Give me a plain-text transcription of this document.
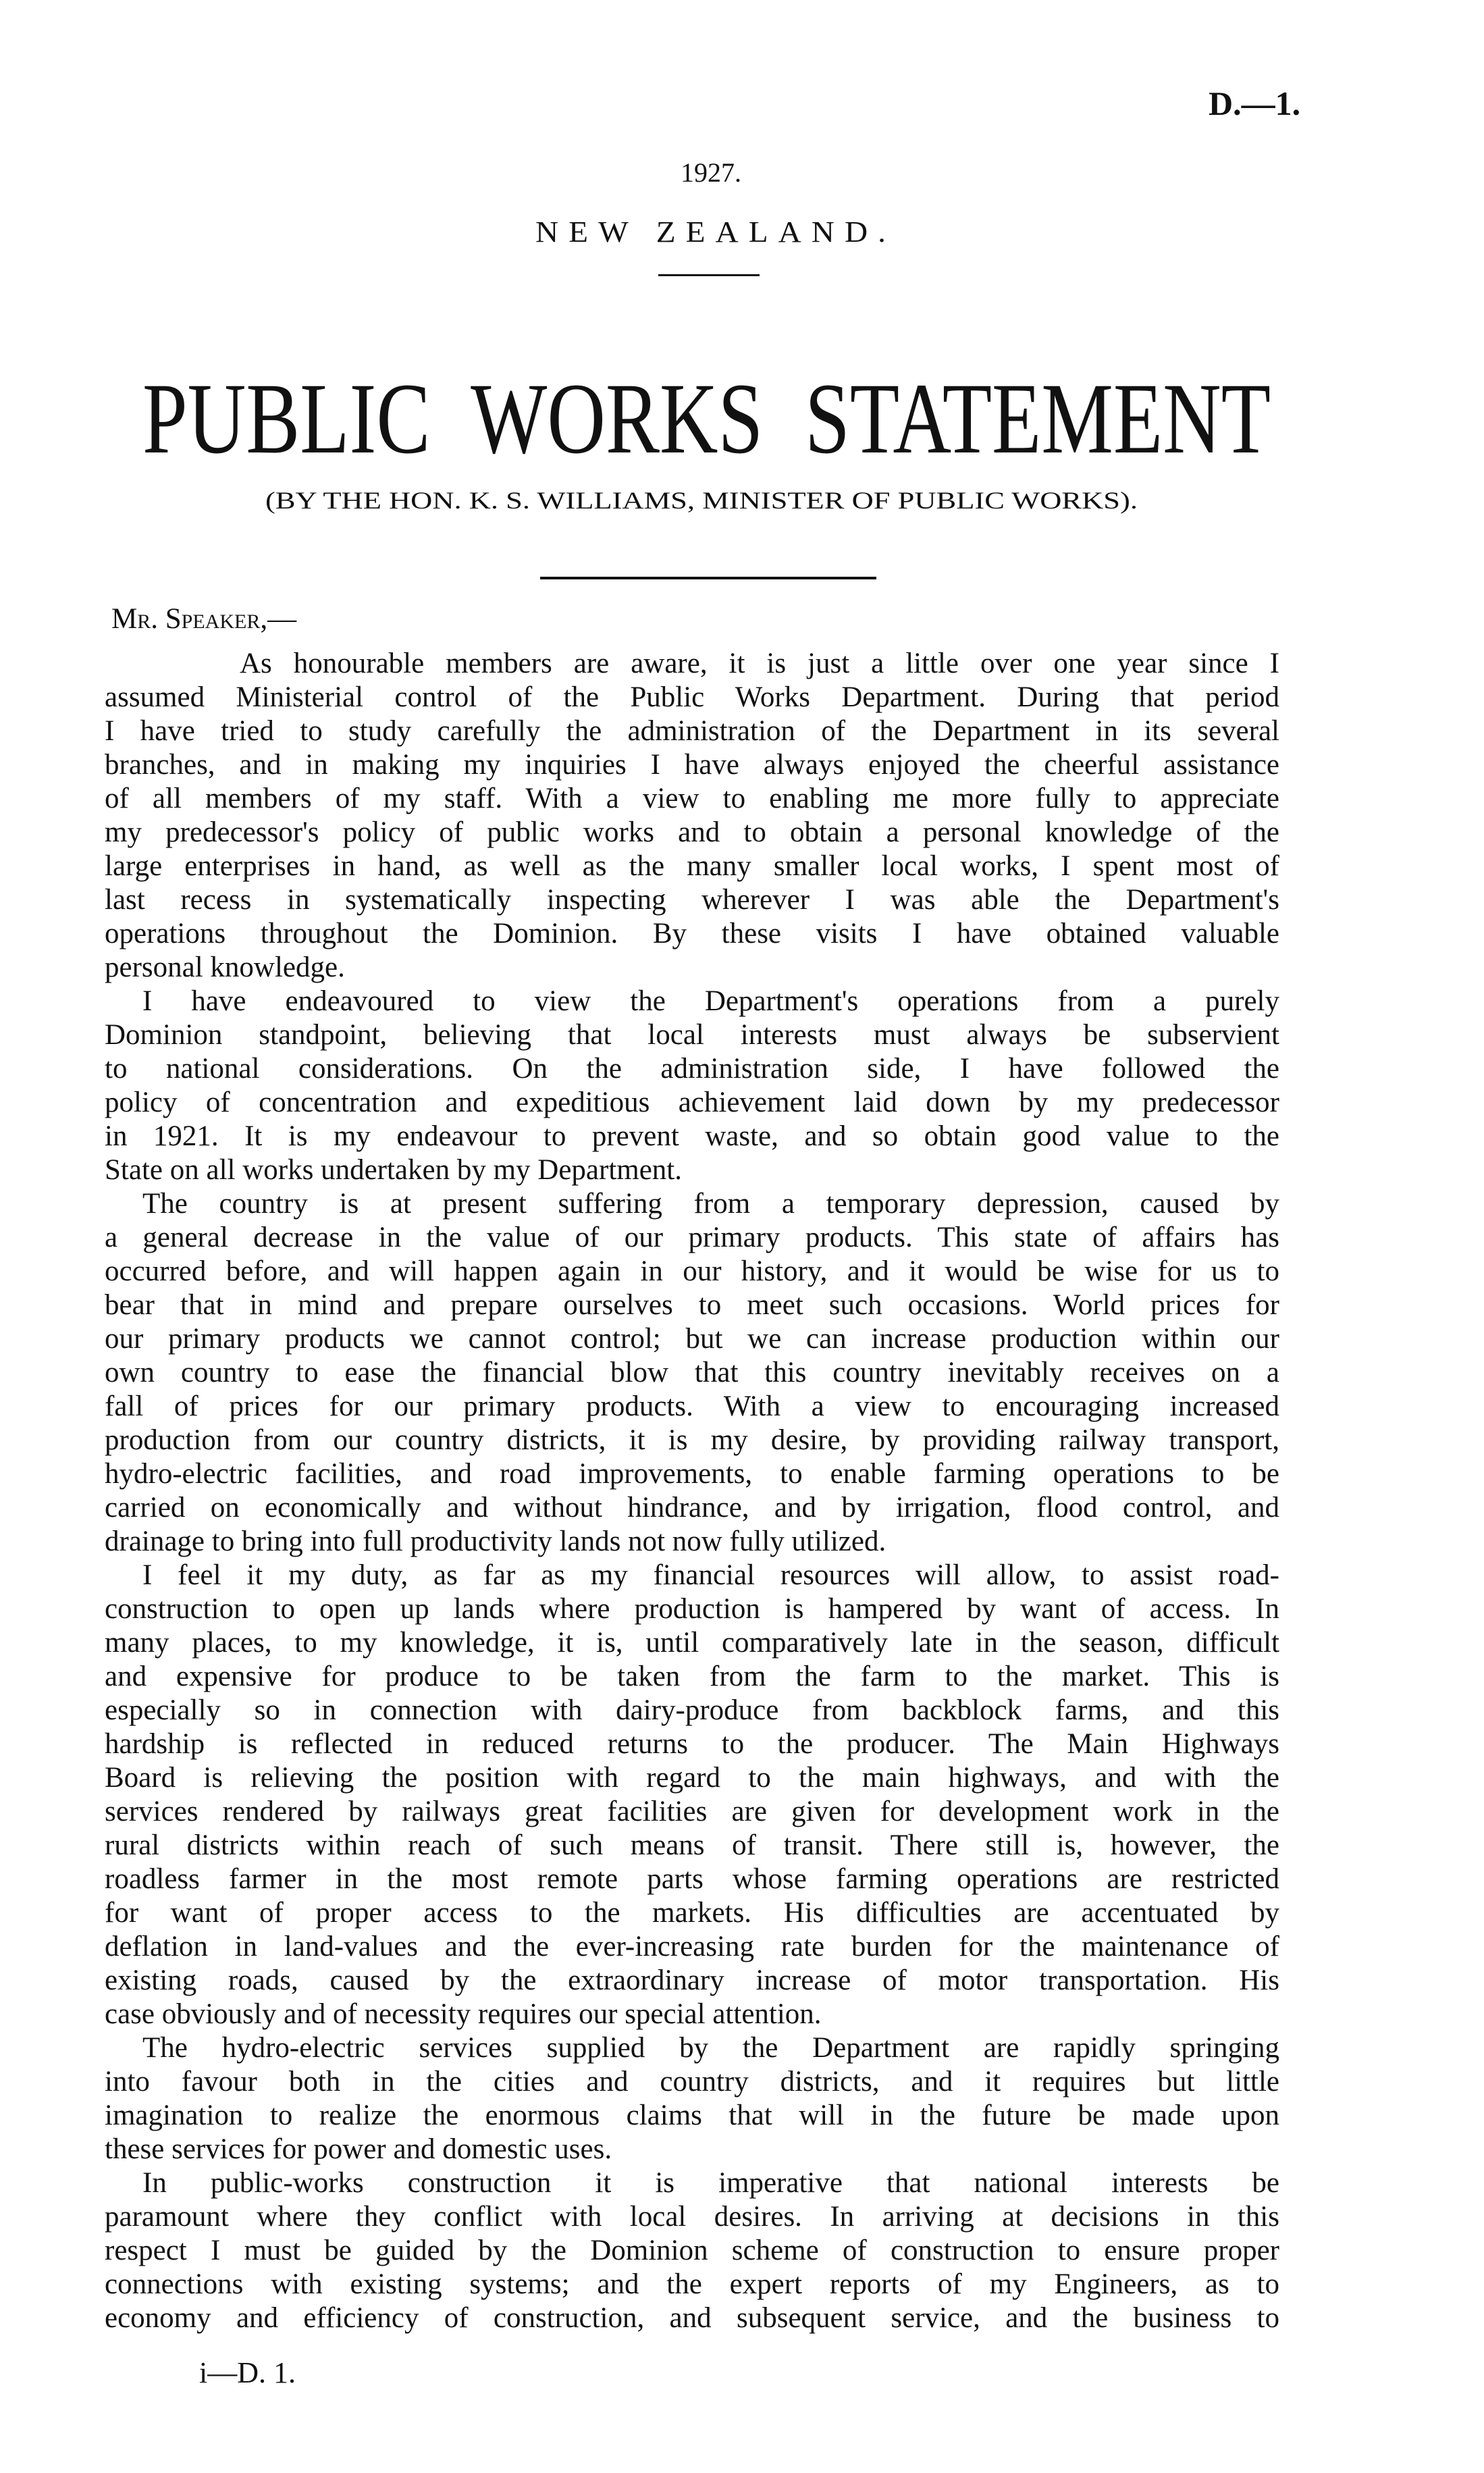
D.—1.
1927.
NEW ZEALAND.
PUBLIC WORKS STATEMENT
(BY THE HON. K. S. WILLIAMS, MINISTER OF PUBLIC WORKS).
Mr. Speaker,—
As honourable members are aware, it is just a little over one year since I
assumed Ministerial control of the Public Works Department. During that period
I have tried to study carefully the administration of the Department in its several
branches, and in making my inquiries I have always enjoyed the cheerful assistance
of all members of my staff. With a view to enabling me more fully to appreciate
my predecessor's policy of public works and to obtain a personal knowledge of the
large enterprises in hand, as well as the many smaller local works, I spent most of
last recess in systematically inspecting wherever I was able the Department's
operations throughout the Dominion. By these visits I have obtained valuable
personal knowledge.
I have endeavoured to view the Department's operations from a purely
Dominion standpoint, believing that local interests must always be subservient
to national considerations. On the administration side, I have followed the
policy of concentration and expeditious achievement laid down by my predecessor
in 1921. It is my endeavour to prevent waste, and so obtain good value to the
State on all works undertaken by my Department.
The country is at present suffering from a temporary depression, caused by
a general decrease in the value of our primary products. This state of affairs has
occurred before, and will happen again in our history, and it would be wise for us to
bear that in mind and prepare ourselves to meet such occasions. World prices for
our primary products we cannot control; but we can increase production within our
own country to ease the financial blow that this country inevitably receives on a
fall of prices for our primary products. With a view to encouraging increased
production from our country districts, it is my desire, by providing railway transport,
hydro-electric facilities, and road improvements, to enable farming operations to be
carried on economically and without hindrance, and by irrigation, flood control, and
drainage to bring into full productivity lands not now fully utilized.
I feel it my duty, as far as my financial resources will allow, to assist road-
construction to open up lands where production is hampered by want of access. In
many places, to my knowledge, it is, until comparatively late in the season, difficult
and expensive for produce to be taken from the farm to the market. This is
especially so in connection with dairy-produce from backblock farms, and this
hardship is reflected in reduced returns to the producer. The Main Highways
Board is relieving the position with regard to the main highways, and with the
services rendered by railways great facilities are given for development work in the
rural districts within reach of such means of transit. There still is, however, the
roadless farmer in the most remote parts whose farming operations are restricted
for want of proper access to the markets. His difficulties are accentuated by
deflation in land-values and the ever-increasing rate burden for the maintenance of
existing roads, caused by the extraordinary increase of motor transportation. His
case obviously and of necessity requires our special attention.
The hydro-electric services supplied by the Department are rapidly springing
into favour both in the cities and country districts, and it requires but little
imagination to realize the enormous claims that will in the future be made upon
these services for power and domestic uses.
In public-works construction it is imperative that national interests be
paramount where they conflict with local desires. In arriving at decisions in this
respect I must be guided by the Dominion scheme of construction to ensure proper
connections with existing systems; and the expert reports of my Engineers, as to
economy and efficiency of construction, and subsequent service, and the business to
i—D. 1.
